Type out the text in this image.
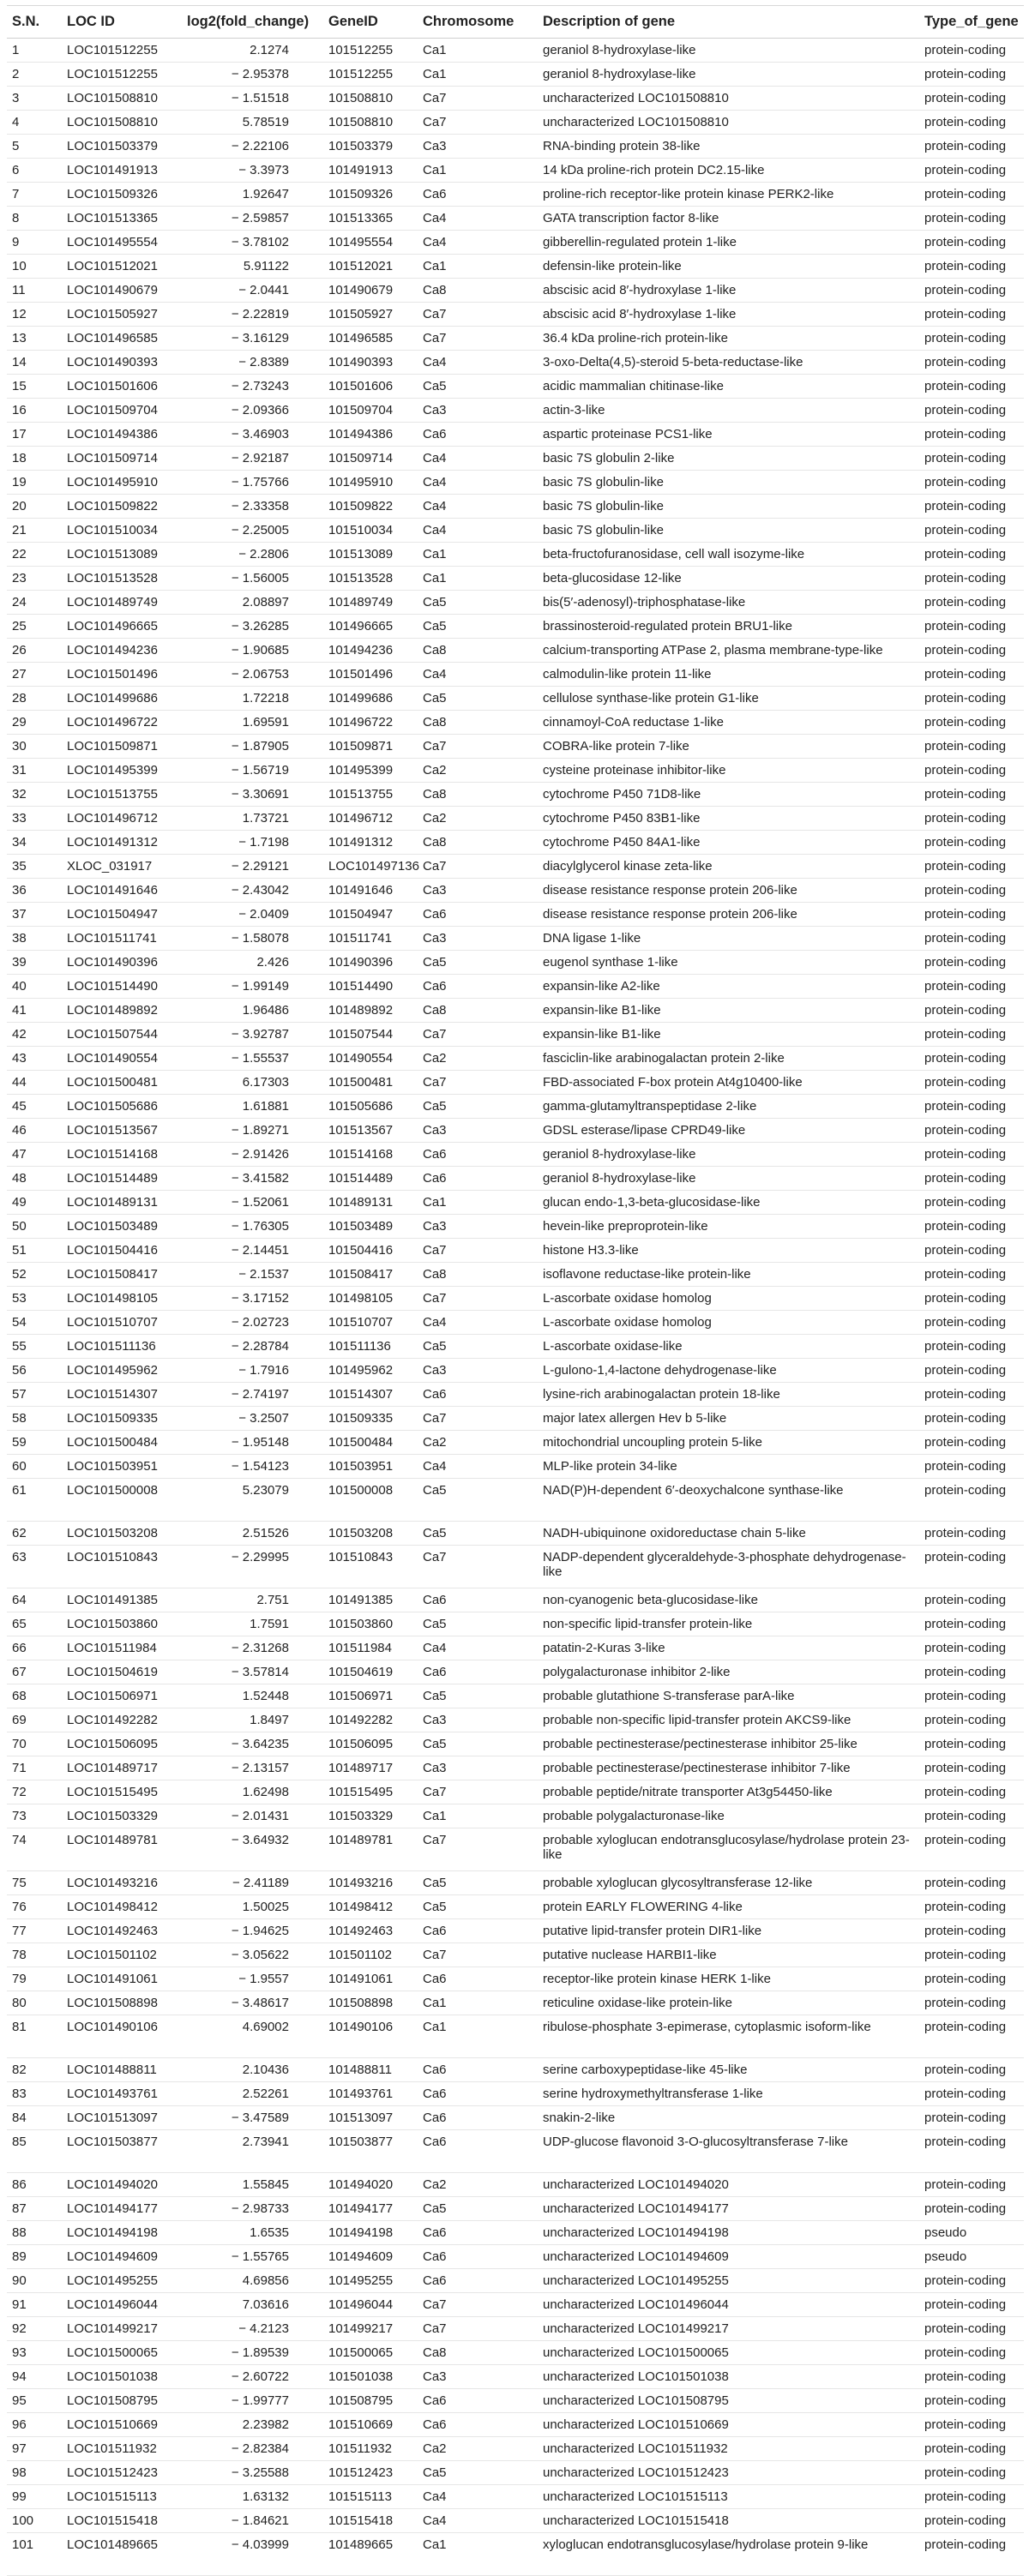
S.N.	LOC ID	log2(fold_change)	GeneID	Chromosome	Description of gene	Type_of_gene
1	LOC101512255	2.1274	101512255	Ca1	geraniol 8-hydroxylase-like	protein-coding
2	LOC101512255	− 2.95378	101512255	Ca1	geraniol 8-hydroxylase-like	protein-coding
3	LOC101508810	− 1.51518	101508810	Ca7	uncharacterized LOC101508810	protein-coding
4	LOC101508810	5.78519	101508810	Ca7	uncharacterized LOC101508810	protein-coding
5	LOC101503379	− 2.22106	101503379	Ca3	RNA-binding protein 38-like	protein-coding
6	LOC101491913	− 3.3973	101491913	Ca1	14 kDa proline-rich protein DC2.15-like	protein-coding
7	LOC101509326	1.92647	101509326	Ca6	proline-rich receptor-like protein kinase PERK2-like	protein-coding
8	LOC101513365	− 2.59857	101513365	Ca4	GATA transcription factor 8-like	protein-coding
9	LOC101495554	− 3.78102	101495554	Ca4	gibberellin-regulated protein 1-like	protein-coding
10	LOC101512021	5.91122	101512021	Ca1	defensin-like protein-like	protein-coding
11	LOC101490679	− 2.0441	101490679	Ca8	abscisic acid 8′-hydroxylase 1-like	protein-coding
12	LOC101505927	− 2.22819	101505927	Ca7	abscisic acid 8′-hydroxylase 1-like	protein-coding
13	LOC101496585	− 3.16129	101496585	Ca7	36.4 kDa proline-rich protein-like	protein-coding
14	LOC101490393	− 2.8389	101490393	Ca4	3-oxo-Delta(4,5)-steroid 5-beta-reductase-like	protein-coding
15	LOC101501606	− 2.73243	101501606	Ca5	acidic mammalian chitinase-like	protein-coding
16	LOC101509704	− 2.09366	101509704	Ca3	actin-3-like	protein-coding
17	LOC101494386	− 3.46903	101494386	Ca6	aspartic proteinase PCS1-like	protein-coding
18	LOC101509714	− 2.92187	101509714	Ca4	basic 7S globulin 2-like	protein-coding
19	LOC101495910	− 1.75766	101495910	Ca4	basic 7S globulin-like	protein-coding
20	LOC101509822	− 2.33358	101509822	Ca4	basic 7S globulin-like	protein-coding
21	LOC101510034	− 2.25005	101510034	Ca4	basic 7S globulin-like	protein-coding
22	LOC101513089	− 2.2806	101513089	Ca1	beta-fructofuranosidase, cell wall isozyme-like	protein-coding
23	LOC101513528	− 1.56005	101513528	Ca1	beta-glucosidase 12-like	protein-coding
24	LOC101489749	2.08897	101489749	Ca5	bis(5′-adenosyl)-triphosphatase-like	protein-coding
25	LOC101496665	− 3.26285	101496665	Ca5	brassinosteroid-regulated protein BRU1-like	protein-coding
26	LOC101494236	− 1.90685	101494236	Ca8	calcium-transporting ATPase 2, plasma membrane-type-like	protein-coding
27	LOC101501496	− 2.06753	101501496	Ca4	calmodulin-like protein 11-like	protein-coding
28	LOC101499686	1.72218	101499686	Ca5	cellulose synthase-like protein G1-like	protein-coding
29	LOC101496722	1.69591	101496722	Ca8	cinnamoyl-CoA reductase 1-like	protein-coding
30	LOC101509871	− 1.87905	101509871	Ca7	COBRA-like protein 7-like	protein-coding
31	LOC101495399	− 1.56719	101495399	Ca2	cysteine proteinase inhibitor-like	protein-coding
32	LOC101513755	− 3.30691	101513755	Ca8	cytochrome P450 71D8-like	protein-coding
33	LOC101496712	1.73721	101496712	Ca2	cytochrome P450 83B1-like	protein-coding
34	LOC101491312	− 1.7198	101491312	Ca8	cytochrome P450 84A1-like	protein-coding
35	XLOC_031917	− 2.29121	LOC101497136	Ca7	diacylglycerol kinase zeta-like	protein-coding
36	LOC101491646	− 2.43042	101491646	Ca3	disease resistance response protein 206-like	protein-coding
37	LOC101504947	− 2.0409	101504947	Ca6	disease resistance response protein 206-like	protein-coding
38	LOC101511741	− 1.58078	101511741	Ca3	DNA ligase 1-like	protein-coding
39	LOC101490396	2.426	101490396	Ca5	eugenol synthase 1-like	protein-coding
40	LOC101514490	− 1.99149	101514490	Ca6	expansin-like A2-like	protein-coding
41	LOC101489892	1.96486	101489892	Ca8	expansin-like B1-like	protein-coding
42	LOC101507544	− 3.92787	101507544	Ca7	expansin-like B1-like	protein-coding
43	LOC101490554	− 1.55537	101490554	Ca2	fasciclin-like arabinogalactan protein 2-like	protein-coding
44	LOC101500481	6.17303	101500481	Ca7	FBD-associated F-box protein At4g10400-like	protein-coding
45	LOC101505686	1.61881	101505686	Ca5	gamma-glutamyltranspeptidase 2-like	protein-coding
46	LOC101513567	− 1.89271	101513567	Ca3	GDSL esterase/lipase CPRD49-like	protein-coding
47	LOC101514168	− 2.91426	101514168	Ca6	geraniol 8-hydroxylase-like	protein-coding
48	LOC101514489	− 3.41582	101514489	Ca6	geraniol 8-hydroxylase-like	protein-coding
49	LOC101489131	− 1.52061	101489131	Ca1	glucan endo-1,3-beta-glucosidase-like	protein-coding
50	LOC101503489	− 1.76305	101503489	Ca3	hevein-like preproprotein-like	protein-coding
51	LOC101504416	− 2.14451	101504416	Ca7	histone H3.3-like	protein-coding
52	LOC101508417	− 2.1537	101508417	Ca8	isoflavone reductase-like protein-like	protein-coding
53	LOC101498105	− 3.17152	101498105	Ca7	L-ascorbate oxidase homolog	protein-coding
54	LOC101510707	− 2.02723	101510707	Ca4	L-ascorbate oxidase homolog	protein-coding
55	LOC101511136	− 2.28784	101511136	Ca5	L-ascorbate oxidase-like	protein-coding
56	LOC101495962	− 1.7916	101495962	Ca3	L-gulono-1,4-lactone dehydrogenase-like	protein-coding
57	LOC101514307	− 2.74197	101514307	Ca6	lysine-rich arabinogalactan protein 18-like	protein-coding
58	LOC101509335	− 3.2507	101509335	Ca7	major latex allergen Hev b 5-like	protein-coding
59	LOC101500484	− 1.95148	101500484	Ca2	mitochondrial uncoupling protein 5-like	protein-coding
60	LOC101503951	− 1.54123	101503951	Ca4	MLP-like protein 34-like	protein-coding
61	LOC101500008	5.23079	101500008	Ca5	NAD(P)H-dependent 6′-deoxychalcone synthase-like	protein-coding
62	LOC101503208	2.51526	101503208	Ca5	NADH-ubiquinone oxidoreductase chain 5-like	protein-coding
63	LOC101510843	− 2.29995	101510843	Ca7	NADP-dependent glyceraldehyde-3-phosphate dehydrogenase-like	protein-coding
64	LOC101491385	2.751	101491385	Ca6	non-cyanogenic beta-glucosidase-like	protein-coding
65	LOC101503860	1.7591	101503860	Ca5	non-specific lipid-transfer protein-like	protein-coding
66	LOC101511984	− 2.31268	101511984	Ca4	patatin-2-Kuras 3-like	protein-coding
67	LOC101504619	− 3.57814	101504619	Ca6	polygalacturonase inhibitor 2-like	protein-coding
68	LOC101506971	1.52448	101506971	Ca5	probable glutathione S-transferase parA-like	protein-coding
69	LOC101492282	1.8497	101492282	Ca3	probable non-specific lipid-transfer protein AKCS9-like	protein-coding
70	LOC101506095	− 3.64235	101506095	Ca5	probable pectinesterase/pectinesterase inhibitor 25-like	protein-coding
71	LOC101489717	− 2.13157	101489717	Ca3	probable pectinesterase/pectinesterase inhibitor 7-like	protein-coding
72	LOC101515495	1.62498	101515495	Ca7	probable peptide/nitrate transporter At3g54450-like	protein-coding
73	LOC101503329	− 2.01431	101503329	Ca1	probable polygalacturonase-like	protein-coding
74	LOC101489781	− 3.64932	101489781	Ca7	probable xyloglucan endotransglucosylase/hydrolase protein 23-like	protein-coding
75	LOC101493216	− 2.41189	101493216	Ca5	probable xyloglucan glycosyltransferase 12-like	protein-coding
76	LOC101498412	1.50025	101498412	Ca5	protein EARLY FLOWERING 4-like	protein-coding
77	LOC101492463	− 1.94625	101492463	Ca6	putative lipid-transfer protein DIR1-like	protein-coding
78	LOC101501102	− 3.05622	101501102	Ca7	putative nuclease HARBI1-like	protein-coding
79	LOC101491061	− 1.9557	101491061	Ca6	receptor-like protein kinase HERK 1-like	protein-coding
80	LOC101508898	− 3.48617	101508898	Ca1	reticuline oxidase-like protein-like	protein-coding
81	LOC101490106	4.69002	101490106	Ca1	ribulose-phosphate 3-epimerase, cytoplasmic isoform-like	protein-coding
82	LOC101488811	2.10436	101488811	Ca6	serine carboxypeptidase-like 45-like	protein-coding
83	LOC101493761	2.52261	101493761	Ca6	serine hydroxymethyltransferase 1-like	protein-coding
84	LOC101513097	− 3.47589	101513097	Ca6	snakin-2-like	protein-coding
85	LOC101503877	2.73941	101503877	Ca6	UDP-glucose flavonoid 3-O-glucosyltransferase 7-like	protein-coding
86	LOC101494020	1.55845	101494020	Ca2	uncharacterized LOC101494020	protein-coding
87	LOC101494177	− 2.98733	101494177	Ca5	uncharacterized LOC101494177	protein-coding
88	LOC101494198	1.6535	101494198	Ca6	uncharacterized LOC101494198	pseudo
89	LOC101494609	− 1.55765	101494609	Ca6	uncharacterized LOC101494609	pseudo
90	LOC101495255	4.69856	101495255	Ca6	uncharacterized LOC101495255	protein-coding
91	LOC101496044	7.03616	101496044	Ca7	uncharacterized LOC101496044	protein-coding
92	LOC101499217	− 4.2123	101499217	Ca7	uncharacterized LOC101499217	protein-coding
93	LOC101500065	− 1.89539	101500065	Ca8	uncharacterized LOC101500065	protein-coding
94	LOC101501038	− 2.60722	101501038	Ca3	uncharacterized LOC101501038	protein-coding
95	LOC101508795	− 1.99777	101508795	Ca6	uncharacterized LOC101508795	protein-coding
96	LOC101510669	2.23982	101510669	Ca6	uncharacterized LOC101510669	protein-coding
97	LOC101511932	− 2.82384	101511932	Ca2	uncharacterized LOC101511932	protein-coding
98	LOC101512423	− 3.25588	101512423	Ca5	uncharacterized LOC101512423	protein-coding
99	LOC101515113	1.63132	101515113	Ca4	uncharacterized LOC101515113	protein-coding
100	LOC101515418	− 1.84621	101515418	Ca4	uncharacterized LOC101515418	protein-coding
101	LOC101489665	− 4.03999	101489665	Ca1	xyloglucan endotransglucosylase/hydrolase protein 9-like	protein-coding
